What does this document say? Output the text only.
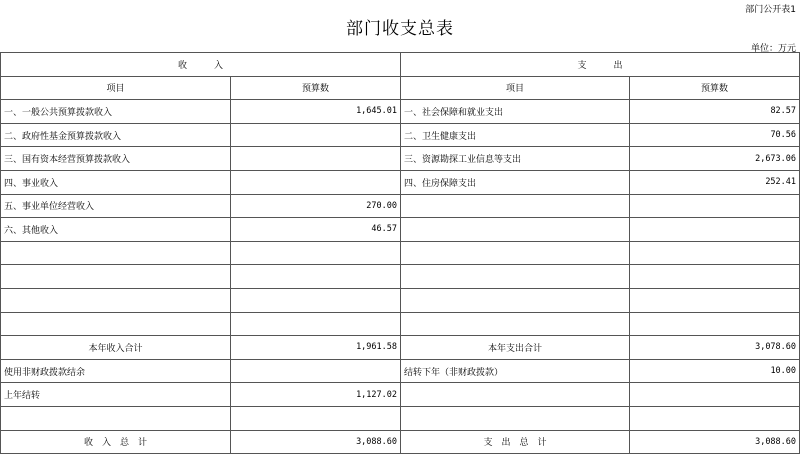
部门公开表1
部门收支总表
单位：万元
收　　　入		支　　　出	
项目	预算数	项目	预算数
一、一般公共预算拨款收入	1,645.01	一、社会保障和就业支出	82.57
二、政府性基金预算拨款收入		二、卫生健康支出	70.56
三、国有资本经营预算拨款收入		三、资源勘探工业信息等支出	2,673.06
四、事业收入		四、住房保障支出	252.41
五、事业单位经营收入	270.00		
六、其他收入	46.57		

本年收入合计	1,961.58	本年支出合计	3,078.60
使用非财政拨款结余		结转下年（非财政拨款）	10.00
上年结转	1,127.02		

收　入　总　计	3,088.60	支　出　总　计	3,088.60
